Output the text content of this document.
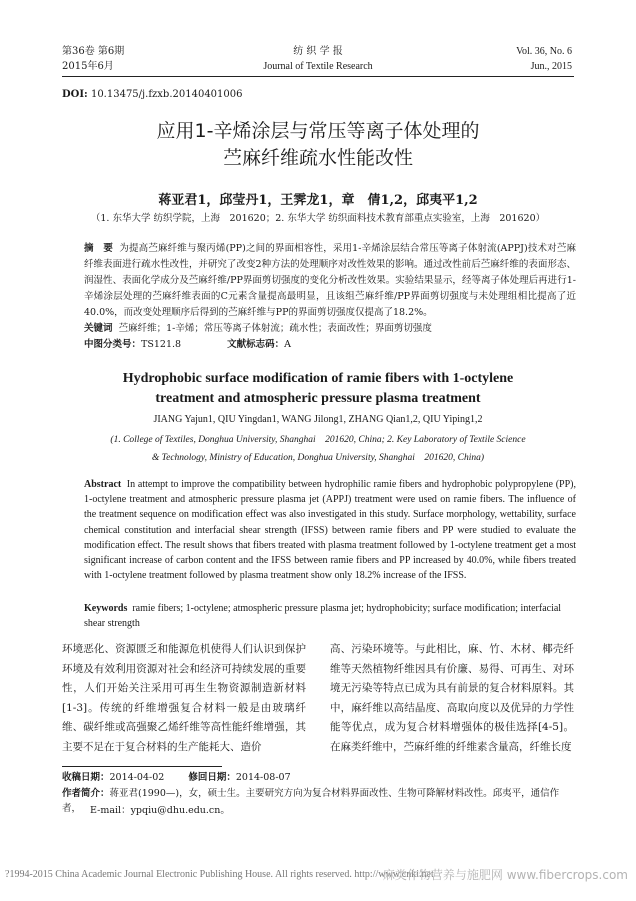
第36卷 第6期
2015年6月
纺 织 学 报
Journal of Textile Research
Vol. 36, No. 6
Jun., 2015
DOI: 10.13475/j.fzxb.20140401006
应用1-辛烯涂层与常压等离子体处理的
苎麻纤维疏水性能改性
蒋亚君1，邱莹丹1，王霁龙1，章　倩1,2，邱夷平1,2
（1. 东华大学 纺织学院，上海　201620；2. 东华大学 纺织面料技术教育部重点实验室，上海　201620）
摘　要 为提高苎麻纤维与聚丙烯(PP)之间的界面相容性，采用1-辛烯涂层结合常压等离子体射流(APPJ)技术对苎麻纤维表面进行疏水性改性，并研究了改变2种方法的处理顺序对改性效果的影响。通过改性前后苎麻纤维的表面形态、润湿性、表面化学成分及苎麻纤维/PP界面剪切强度的变化分析改性效果。实验结果显示，经等离子体处理后再进行1-辛烯涂层处理的苎麻纤维表面的C元素含量提高最明显，且该组苎麻纤维/PP界面剪切强度与未处理组相比提高了近40.0%，而改变处理顺序后得到的苎麻纤维与PP的界面剪切强度仅提高了18.2%。
关键词 苎麻纤维；1-辛烯；常压等离子体射流；疏水性；表面改性；界面剪切强度
中图分类号：TS121.8	文献标志码：A
Hydrophobic surface modification of ramie fibers with 1-octylene
treatment and atmospheric pressure plasma treatment
JIANG Yajun1, QIU Yingdan1, WANG Jilong1, ZHANG Qian1,2, QIU Yiping1,2
(1. College of Textiles, Donghua University, Shanghai　201620, China; 2. Key Laboratory of Textile Science
& Technology, Ministry of Education, Donghua University, Shanghai　201620, China)
Abstract In attempt to improve the compatibility between hydrophilic ramie fibers and hydrophobic polypropylene (PP), 1-octylene treatment and atmospheric pressure plasma jet (APPJ) treatment were used on ramie fibers. The influence of the treatment sequence on modification effect was also investigated in this study. Surface morphology, wettability, surface chemical constitution and interfacial shear strength (IFSS) between ramie fibers and PP were studied to evaluate the modification effect. The result shows that fibers treated with plasma treatment followed by 1-octylene treatment get a most significant increase of carbon content and the IFSS between ramie fibers and PP increased by 40.0%, while fibers treated with 1-octylene treatment followed by plasma treatment show only 18.2% increase of the IFSS.
Keywords ramie fibers; 1-octylene; atmospheric pressure plasma jet; hydrophobicity; surface modification; interfacial shear strength
环境恶化、资源匮乏和能源危机使得人们认识到保护环境及有效利用资源对社会和经济可持续发展的重要性，人们开始关注采用可再生生物资源制造新材料[1-3]。传统的纤维增强复合材料一般是由玻璃纤维、碳纤维或高强聚乙烯纤维等高性能纤维增强，其主要不足在于复合材料的生产能耗大、造价
高、污染环境等。与此相比，麻、竹、木材、椰壳纤维等天然植物纤维因具有价廉、易得、可再生、对环境无污染等特点已成为具有前景的复合材料原料。其中，麻纤维以高结晶度、高取向度以及优异的力学性能等优点，成为复合材料增强体的极佳选择[4-5]。在麻类纤维中，苎麻纤维的纤维素含量高，纤维长度
收稿日期：2014-04-02	修回日期：2014-08-07
作者简介：蒋亚君(1990—)，女，硕士生。主要研究方向为复合材料界面改性、生物可降解材料改性。邱夷平，通信作者， E-mail：ypqiu@dhu.edu.cn。
?1994-2015 China Academic Journal Electronic Publishing House. All rights reserved. http://www.cnki.net
麻类作物营养与施肥网 www.fibercrops.com
